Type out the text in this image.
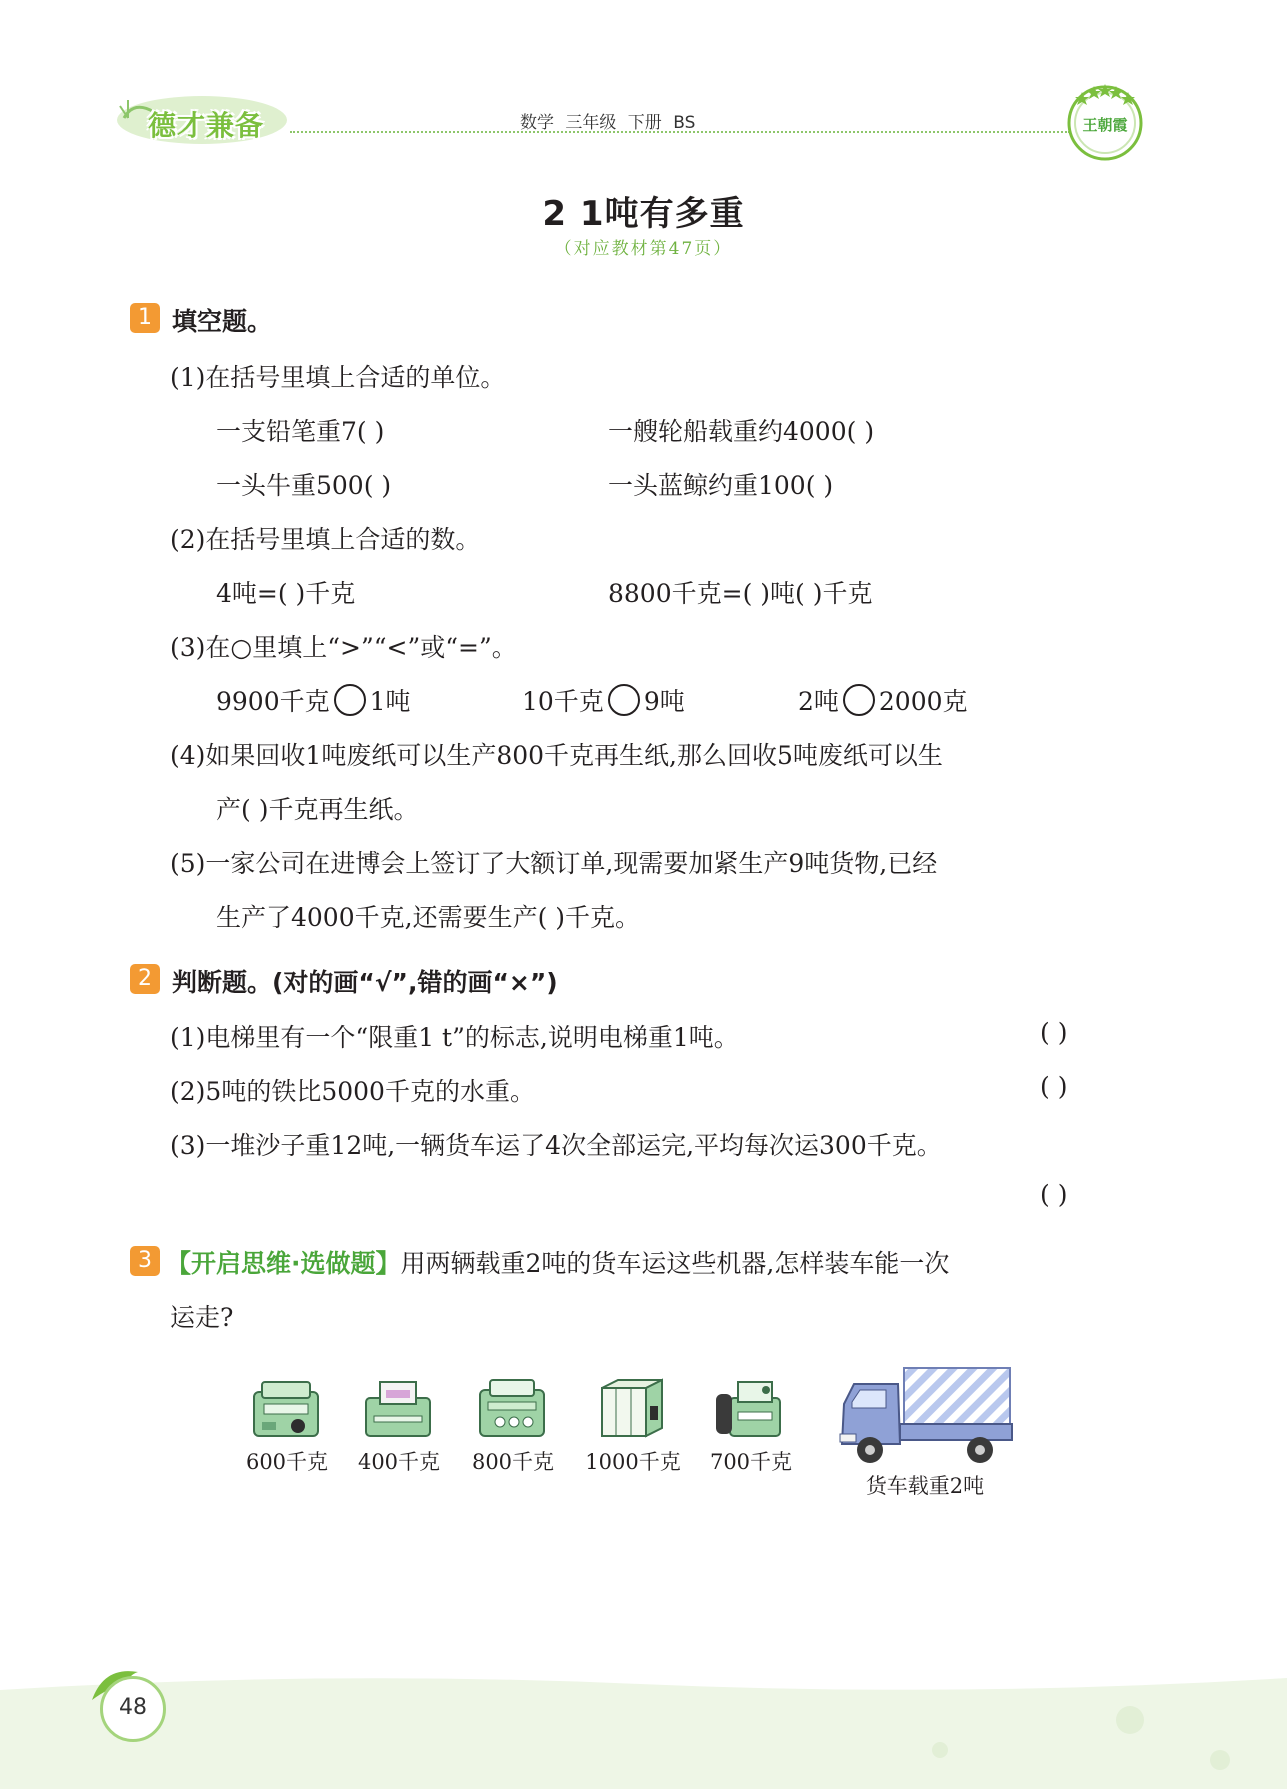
德才兼备	数学 三年级 下册 BS	王朝霞
2 1吨有多重
（对应教材第47页）
1 填空题。
(1)在括号里填上合适的单位。
一支铅笔重7( )	一艘轮船载重约4000( )
一头牛重500( )	一头蓝鲸约重100( )
(2)在括号里填上合适的数。
4吨=( )千克	8800千克=( )吨( )千克
(3)在○里填上“>”“<”或“=”。
9900千克 1吨	10千克 9吨	2吨 2000克
(4)如果回收1吨废纸可以生产800千克再生纸,那么回收5吨废纸可以生
产( )千克再生纸。
(5)一家公司在进博会上签订了大额订单,现需要加紧生产9吨货物,已经
生产了4000千克,还需要生产( )千克。
2 判断题。(对的画“√”,错的画“×”)
(1)电梯里有一个“限重1 t”的标志,说明电梯重1吨。	( )
(2)5吨的铁比5000千克的水重。	( )
(3)一堆沙子重12吨,一辆货车运了4次全部运完,平均每次运300千克。
( )
3 【开启思维·选做题】用两辆载重2吨的货车运这些机器,怎样装车能一次
运走?
600千克	400千克	800千克	1000千克	700千克
货车载重2吨
48
